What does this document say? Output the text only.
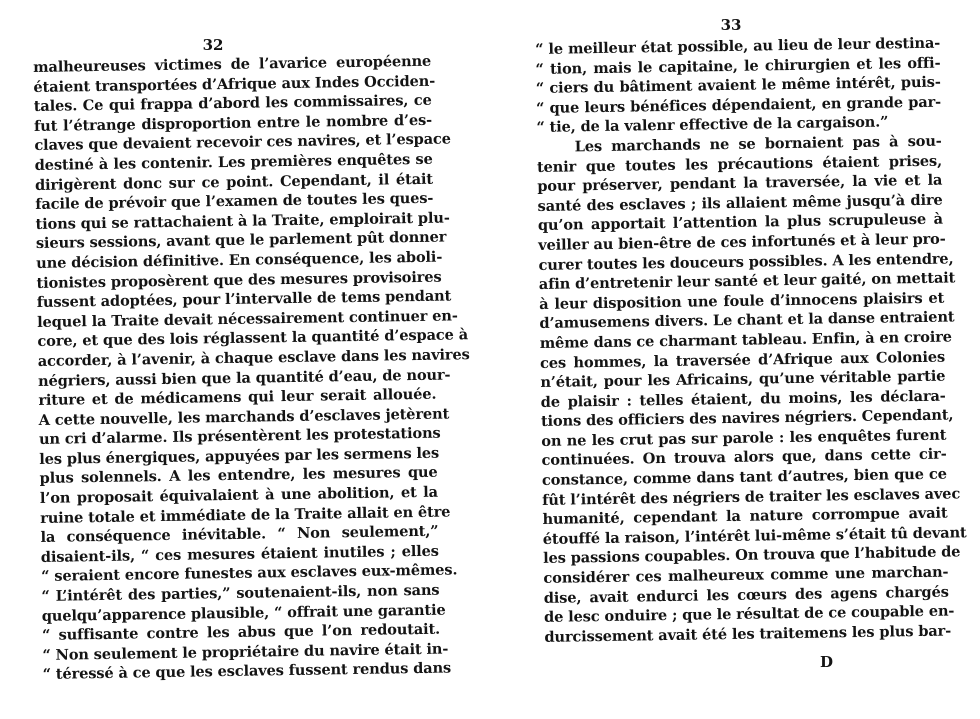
32
33
malheureuses victimes de l’avarice européenne
étaient transportées d’Afrique aux Indes Occiden-
tales. Ce qui frappa d’abord les commissaires, ce
fut l’étrange disproportion entre le nombre d’es-
claves que devaient recevoir ces navires, et l’espace
destiné à les contenir. Les premières enquêtes se
dirigèrent donc sur ce point. Cependant, il était
facile de prévoir que l’examen de toutes les ques-
tions qui se rattachaient à la Traite, emploirait plu-
sieurs sessions, avant que le parlement pût donner
une décision définitive. En conséquence, les aboli-
tionistes proposèrent que des mesures provisoires
fussent adoptées, pour l’intervalle de tems pendant
lequel la Traite devait nécessairement continuer en-
core, et que des lois réglassent la quantité d’espace à
accorder, à l’avenir, à chaque esclave dans les navires
négriers, aussi bien que la quantité d’eau, de nour-
riture et de médicamens qui leur serait allouée.
A cette nouvelle, les marchands d’esclaves jetèrent
un cri d’alarme. Ils présentèrent les protestations
les plus énergiques, appuyées par les sermens les
plus solennels. A les entendre, les mesures que
l’on proposait équivalaient à une abolition, et la
ruine totale et immédiate de la Traite allait en être
la conséquence inévitable. “ Non seulement,”
disaient-ils, “ ces mesures étaient inutiles ; elles
“ seraient encore funestes aux esclaves eux-mêmes.
“ L’intérêt des parties,” soutenaient-ils, non sans
quelqu’apparence plausible, “ offrait une garantie
“ suffisante contre les abus que l’on redoutait.
“ Non seulement le propriétaire du navire était in-
“ téressé à ce que les esclaves fussent rendus dans
“ le meilleur état possible, au lieu de leur destina-
“ tion, mais le capitaine, le chirurgien et les offi-
“ ciers du bâtiment avaient le même intérêt, puis-
“ que leurs bénéfices dépendaient, en grande par-
“ tie, de la valenr effective de la cargaison.”
Les marchands ne se bornaient pas à sou-
tenir que toutes les précautions étaient prises,
pour préserver, pendant la traversée, la vie et la
santé des esclaves ; ils allaient même jusqu’à dire
qu’on apportait l’attention la plus scrupuleuse à
veiller au bien-être de ces infortunés et à leur pro-
curer toutes les douceurs possibles. A les entendre,
afin d’entretenir leur santé et leur gaité, on mettait
à leur disposition une foule d’innocens plaisirs et
d’amusemens divers. Le chant et la danse entraient
même dans ce charmant tableau. Enfin, à en croire
ces hommes, la traversée d’Afrique aux Colonies
n’était, pour les Africains, qu’une véritable partie
de plaisir : telles étaient, du moins, les déclara-
tions des officiers des navires négriers. Cependant,
on ne les crut pas sur parole : les enquêtes furent
continuées. On trouva alors que, dans cette cir-
constance, comme dans tant d’autres, bien que ce
fût l’intérêt des négriers de traiter les esclaves avec
humanité, cependant la nature corrompue avait
étouffé la raison, l’intérêt lui-même s’était tû devant
les passions coupables. On trouva que l’habitude de
considérer ces malheureux comme une marchan-
dise, avait endurci les cœurs des agens chargés
de lesc onduire ; que le résultat de ce coupable en-
durcissement avait été les traitemens les plus bar-
D
